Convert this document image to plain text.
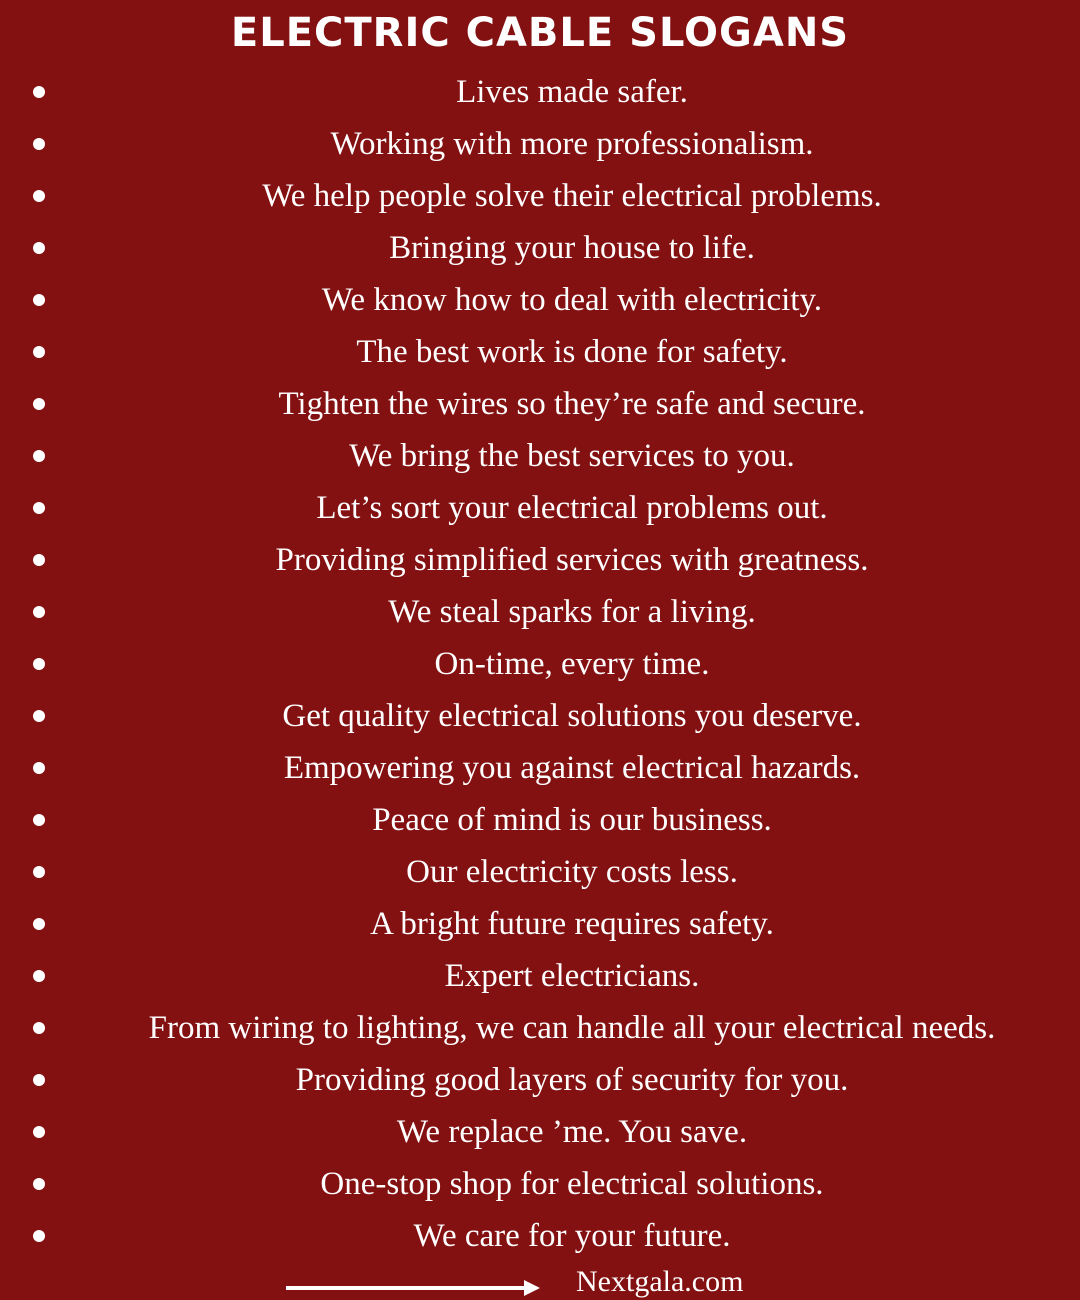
ELECTRIC CABLE SLOGANS
Lives made safer.
Working with more professionalism.
We help people solve their electrical problems.
Bringing your house to life.
We know how to deal with electricity.
The best work is done for safety.
Tighten the wires so they’re safe and secure.
We bring the best services to you.
Let’s sort your electrical problems out.
Providing simplified services with greatness.
We steal sparks for a living.
On-time, every time.
Get quality electrical solutions you deserve.
Empowering you against electrical hazards.
Peace of mind is our business.
Our electricity costs less.
A bright future requires safety.
Expert electricians.
From wiring to lighting, we can handle all your electrical needs.
Providing good layers of security for you.
We replace ’me. You save.
One-stop shop for electrical solutions.
We care for your future.
Nextgala.com
